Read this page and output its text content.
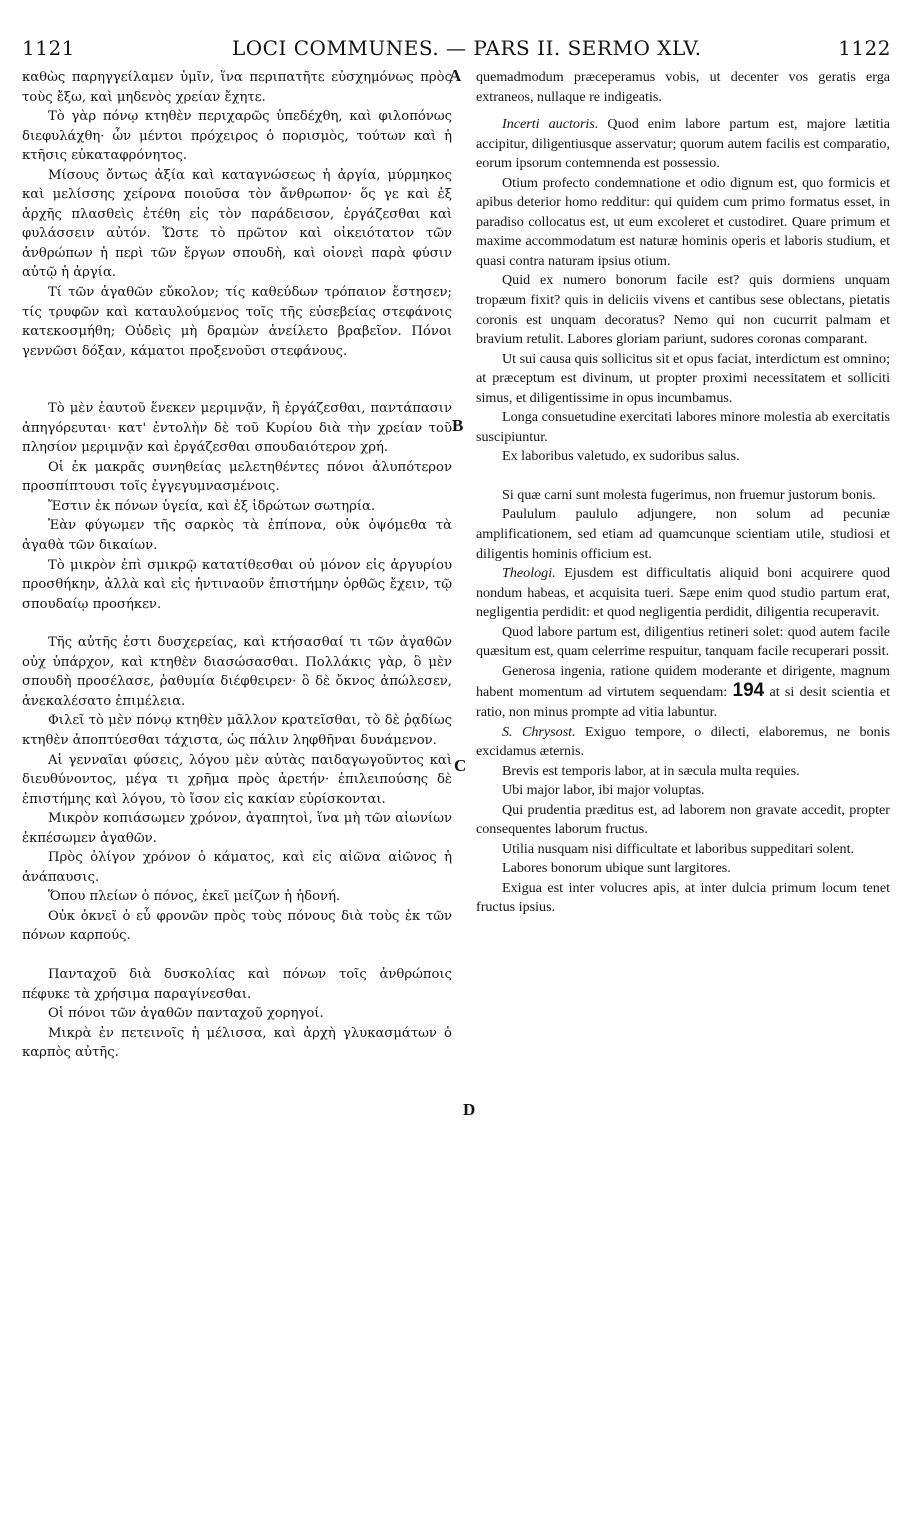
1121	LOCI COMMUNES. — PARS II. SERMO XLV.	1122
A
B
C
D

καθὼς παρηγγείλαμεν ὑμῖν, ἵνα περιπατῆτε εὐσχημόνως πρὸς τοὺς ἔξω, καὶ μηδενὸς χρείαν ἔχητε.

Τὸ γὰρ πόνῳ κτηθὲν περιχαρῶς ὑπεδέχθη, καὶ φιλοπόνως διεφυλάχθη· ὧν μέντοι πρόχειρος ὁ πορισμὸς, τούτων καὶ ἡ κτῆσις εὐκαταφρόνητος.

Μίσους ὄντως ἀξία καὶ καταγνώσεως ἡ ἀργία, μύρμηκος καὶ μελίσσης χείρονα ποιοῦσα τὸν ἄνθρωπον· ὅς γε καὶ ἐξ ἀρχῆς πλασθεὶς ἐτέθη εἰς τὸν παράδεισον, ἐργάζεσθαι καὶ φυλάσσειν αὐτόν. Ὥστε τὸ πρῶτον καὶ οἰκειότατον τῶν ἀνθρώπων ἡ περὶ τῶν ἔργων σπουδὴ, καὶ οἱονεὶ παρὰ φύσιν αὐτῷ ἡ ἀργία.

Τί τῶν ἀγαθῶν εὔκολον; τίς καθεύδων τρόπαιον ἔστησεν; τίς τρυφῶν καὶ καταυλούμενος τοῖς τῆς εὐσεβείας στεφάνοις κατεκοσμήθη; Οὐδεὶς μὴ δραμὼν ἀνείλετο βραβεῖον. Πόνοι γεννῶσι δόξαν, κάματοι προξενοῦσι στεφάνους.

Τὸ μὲν ἑαυτοῦ ἕνεκεν μεριμνᾷν, ἢ ἐργάζεσθαι, παντάπασιν ἀπηγόρευται· κατ' ἐντολὴν δὲ τοῦ Κυρίου διὰ τὴν χρείαν τοῦ πλησίον μεριμνᾷν καὶ ἐργάζεσθαι σπουδαιότερον χρή.

Οἱ ἐκ μακρᾶς συνηθείας μελετηθέντες πόνοι ἀλυπότερον προσπίπτουσι τοῖς ἐγγεγυμνασμένοις.

Ἔστιν ἐκ πόνων ὑγεία, καὶ ἐξ ἱδρώτων σωτηρία.

Ἐὰν φύγωμεν τῆς σαρκὸς τὰ ἐπίπονα, οὐκ ὀψόμεθα τὰ ἀγαθὰ τῶν δικαίων.

Τὸ μικρὸν ἐπὶ σμικρῷ κατατίθεσθαι οὐ μόνον εἰς ἀργυρίου προσθήκην, ἀλλὰ καὶ εἰς ἡντιναοῦν ἐπιστήμην ὀρθῶς ἔχειν, τῷ σπουδαίῳ προσήκεν.

Τῆς αὐτῆς ἐστι δυσχερείας, καὶ κτήσασθαί τι τῶν ἀγαθῶν οὐχ ὑπάρχον, καὶ κτηθὲν διασώσασθαι. Πολλάκις γὰρ, ὃ μὲν σπουδὴ προσέλασε, ῥαθυμία διέφθειρεν· ὃ δὲ ὄκνος ἀπώλεσεν, ἀνεκαλέσατο ἐπιμέλεια.

Φιλεῖ τὸ μὲν πόνῳ κτηθὲν μᾶλλον κρατεῖσθαι, τὸ δὲ ῥᾳδίως κτηθὲν ἀποπτύεσθαι τάχιστα, ὡς πάλιν ληφθῆναι δυνάμενον.

Αἱ γενναῖαι φύσεις, λόγου μὲν αὐτὰς παιδαγωγοῦντος καὶ διευθύνοντος, μέγα τι χρῆμα πρὸς ἀρετήν· ἐπιλειπούσης δὲ ἐπιστήμης καὶ λόγου, τὸ ἴσον εἰς κακίαν εὑρίσκονται.

Μικρὸν κοπιάσωμεν χρόνον, ἀγαπητοὶ, ἵνα μὴ τῶν αἰωνίων ἐκπέσωμεν ἀγαθῶν.

Πρὸς ὀλίγον χρόνον ὁ κάματος, καὶ εἰς αἰῶνα αἰῶνος ἡ ἀνάπαυσις.

Ὅπου πλείων ὁ πόνος, ἐκεῖ μείζων ἡ ἡδονή.

Οὐκ ὀκνεῖ ὁ εὖ φρονῶν πρὸς τοὺς πόνους διὰ τοὺς ἐκ τῶν πόνων καρπούς.

Πανταχοῦ διὰ δυσκολίας καὶ πόνων τοῖς ἀνθρώποις πέφυκε τὰ χρήσιμα παραγίνεσθαι.

Οἱ πόνοι τῶν ἀγαθῶν πανταχοῦ χορηγοί.

Μικρὰ ἐν πετεινοῖς ἡ μέλισσα, καὶ ἀρχὴ γλυκασμάτων ὁ καρπὸς αὐτῆς.

quemadmodum præceperamus vobis, ut decenter vos geratis erga extraneos, nullaque re indigeatis.

Incerti auctoris. Quod enim labore partum est, majore lætitia accipitur, diligentiusque asservatur; quorum autem facilis est comparatio, eorum ipsorum contemnenda est possessio.

Otium profecto condemnatione et odio dignum est, quo formicis et apibus deterior homo redditur: qui quidem cum primo formatus esset, in paradiso collocatus est, ut eum excoleret et custodiret. Quare primum et maxime accommodatum est naturæ hominis operis et laboris studium, et quasi contra naturam ipsius otium.

Quid ex numero bonorum facile est? quis dormiens unquam tropæum fixit? quis in deliciis vivens et cantibus sese oblectans, pietatis coronis est unquam decoratus? Nemo qui non cucurrit palmam et bravium retulit. Labores gloriam pariunt, sudores coronas comparant.

Ut sui causa quis sollicitus sit et opus faciat, interdictum est omnino; at præceptum est divinum, ut propter proximi necessitatem et solliciti simus, et diligentissime in opus incumbamus.

Longa consuetudine exercitati labores minore molestia ab exercitatis suscipiuntur.

Ex laboribus valetudo, ex sudoribus salus.

Si quæ carni sunt molesta fugerimus, non fruemur justorum bonis.

Paululum paululo adjungere, non solum ad pecuniæ amplificationem, sed etiam ad quamcunque scientiam utile, studiosi et diligentis hominis officium est.

Theologi. Ejusdem est difficultatis aliquid boni acquirere quod nondum habeas, et acquisita tueri. Sæpe enim quod studio partum erat, negligentia perdidit: et quod negligentia perdidit, diligentia recuperavit.

Quod labore partum est, diligentius retineri solet: quod autem facile quæsitum est, quam celerrime respuitur, tanquam facile recuperari possit.

Generosa ingenia, ratione quidem moderante et dirigente, magnum habent momentum ad virtutem sequendam: 194 at si desit scientia et ratio, non minus prompte ad vitia labuntur.

S. Chrysost. Exiguo tempore, o dilecti, elaboremus, ne bonis excidamus æternis.

Brevis est temporis labor, at in sæcula multa requies.

Ubi major labor, ibi major voluptas.

Qui prudentia præditus est, ad laborem non gravate accedit, propter consequentes laborum fructus.

Utilia nusquam nisi difficultate et laboribus suppeditari solent.

Labores bonorum ubique sunt largitores.

Exigua est inter volucres apis, at inter dulcia primum locum tenet fructus ipsius.
